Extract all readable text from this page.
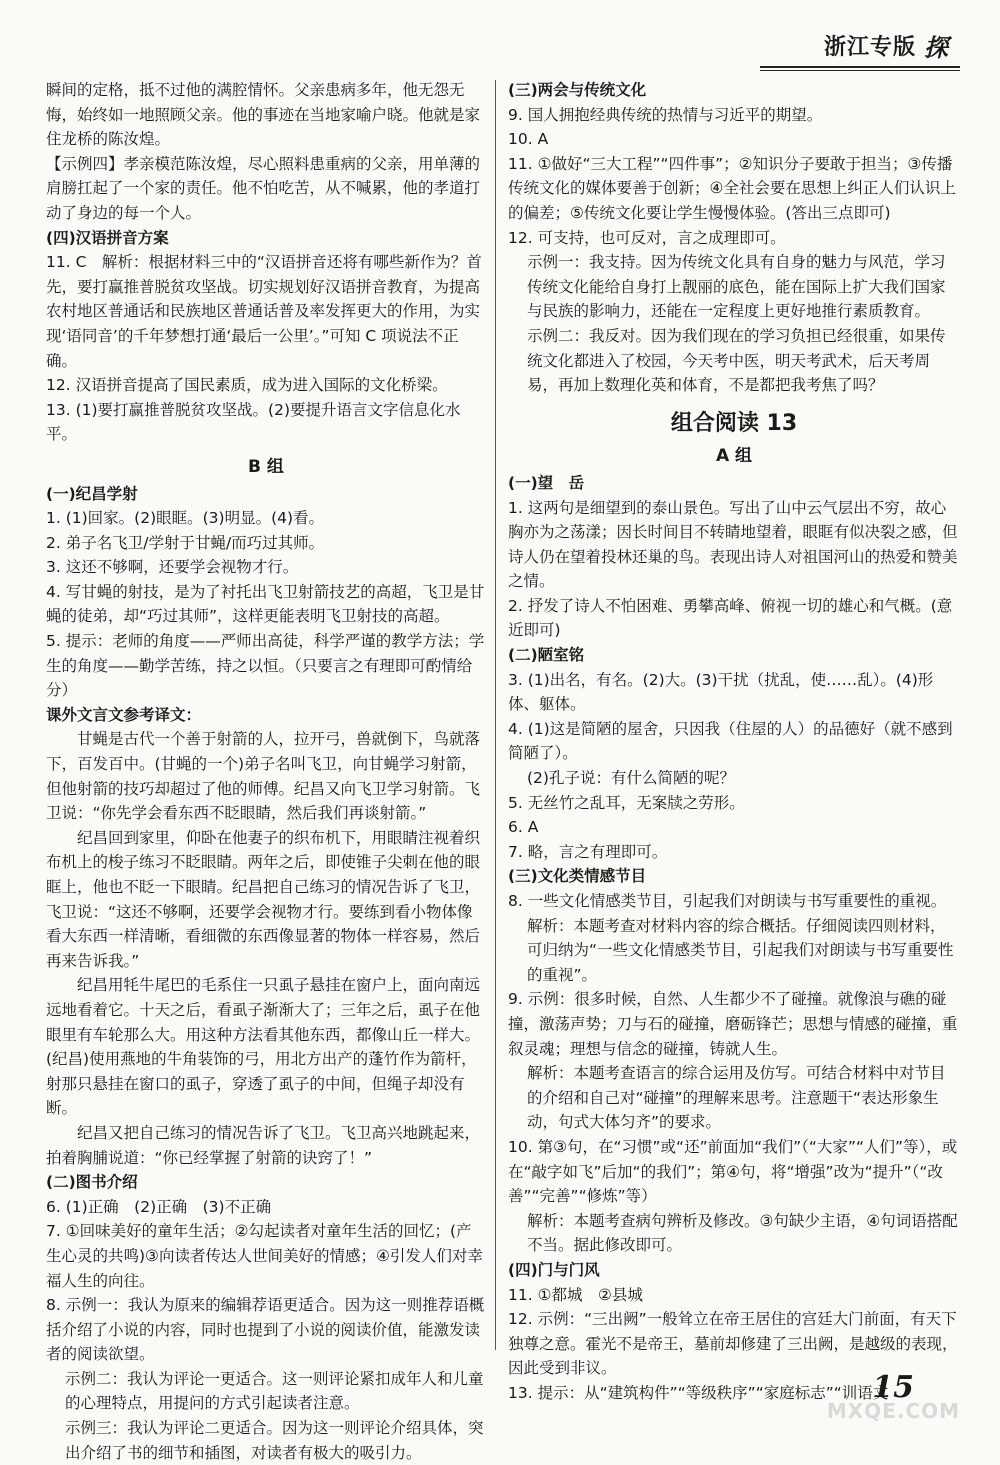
浙江专版 探
瞬间的定格，抵不过他的满腔情怀。父亲患病多年，他无怨无悔，始终如一地照顾父亲。他的事迹在当地家喻户晓。他就是家住龙桥的陈汝煌。
【示例四】孝亲模范陈汝煌，尽心照料患重病的父亲，用单薄的肩膀扛起了一个家的责任。他不怕吃苦，从不喊累，他的孝道打动了身边的每一个人。
(四)汉语拼音方案
11. C　解析：根据材料三中的“汉语拼音还将有哪些新作为？首先，要打赢推普脱贫攻坚战。切实规划好汉语拼音教育，为提高农村地区普通话和民族地区普通话普及率发挥更大的作用，为实现‘语同音’的千年梦想打通‘最后一公里’。”可知 C 项说法不正确。
12. 汉语拼音提高了国民素质，成为进入国际的文化桥梁。
13. (1)要打赢推普脱贫攻坚战。(2)要提升语言文字信息化水平。
B 组
(一)纪昌学射
1. (1)回家。(2)眼眶。(3)明显。(4)看。
2. 弟子名飞卫/学射于甘蝇/而巧过其师。
3. 这还不够啊，还要学会视物才行。
4. 写甘蝇的射技，是为了衬托出飞卫射箭技艺的高超，飞卫是甘蝇的徒弟，却“巧过其师”，这样更能表明飞卫射技的高超。
5. 提示：老师的角度——严师出高徒，科学严谨的教学方法；学生的角度——勤学苦练，持之以恒。（只要言之有理即可酌情给分）
课外文言文参考译文：
甘蝇是古代一个善于射箭的人，拉开弓，兽就倒下，鸟就落下，百发百中。(甘蝇的一个)弟子名叫飞卫，向甘蝇学习射箭，但他射箭的技巧却超过了他的师傅。纪昌又向飞卫学习射箭。飞卫说：“你先学会看东西不眨眼睛，然后我们再谈射箭。”
纪昌回到家里，仰卧在他妻子的织布机下，用眼睛注视着织布机上的梭子练习不眨眼睛。两年之后，即使锥子尖刺在他的眼眶上，他也不眨一下眼睛。纪昌把自己练习的情况告诉了飞卫，飞卫说：“这还不够啊，还要学会视物才行。要练到看小物体像看大东西一样清晰，看细微的东西像显著的物体一样容易，然后再来告诉我。”
纪昌用牦牛尾巴的毛系住一只虱子悬挂在窗户上，面向南远远地看着它。十天之后，看虱子渐渐大了；三年之后，虱子在他眼里有车轮那么大。用这种方法看其他东西，都像山丘一样大。(纪昌)使用燕地的牛角装饰的弓，用北方出产的蓬竹作为箭杆，射那只悬挂在窗口的虱子，穿透了虱子的中间，但绳子却没有断。
纪昌又把自己练习的情况告诉了飞卫。飞卫高兴地跳起来，拍着胸脯说道：“你已经掌握了射箭的诀窍了！”
(二)图书介绍
6. (1)正确　(2)正确　(3)不正确
7. ①回味美好的童年生活；②勾起读者对童年生活的回忆；(产生心灵的共鸣)③向读者传达人世间美好的情感；④引发人们对幸福人生的向往。
8. 示例一：我认为原来的编辑荐语更适合。因为这一则推荐语概括介绍了小说的内容，同时也提到了小说的阅读价值，能激发读者的阅读欲望。
示例二：我认为评论一更适合。这一则评论紧扣成年人和儿童的心理特点，用提问的方式引起读者注意。
示例三：我认为评论二更适合。因为这一则评论介绍具体，突出介绍了书的细节和插图，对读者有极大的吸引力。
(三)两会与传统文化
9. 国人拥抱经典传统的热情与习近平的期望。
10. A
11. ①做好“三大工程”“四件事”；②知识分子要敢于担当；③传播传统文化的媒体要善于创新；④全社会要在思想上纠正人们认识上的偏差；⑤传统文化要让学生慢慢体验。(答出三点即可)
12. 可支持，也可反对，言之成理即可。
示例一：我支持。因为传统文化具有自身的魅力与风范，学习传统文化能给自身打上靓丽的底色，能在国际上扩大我们国家与民族的影响力，还能在一定程度上更好地推行素质教育。
示例二：我反对。因为我们现在的学习负担已经很重，如果传统文化都进入了校园，今天考中医，明天考武术，后天考周易，再加上数理化英和体育，不是都把我考焦了吗？
组合阅读 13
A 组
(一)望　岳
1. 这两句是细望到的泰山景色。写出了山中云气层出不穷，故心胸亦为之荡漾；因长时间目不转睛地望着，眼眶有似决裂之感，但诗人仍在望着投林还巢的鸟。表现出诗人对祖国河山的热爱和赞美之情。
2. 抒发了诗人不怕困难、勇攀高峰、俯视一切的雄心和气概。(意近即可)
(二)陋室铭
3. (1)出名，有名。(2)大。(3)干扰（扰乱，使……乱）。(4)形体、躯体。
4. (1)这是简陋的屋舍，只因我（住屋的人）的品德好（就不感到简陋了）。
(2)孔子说：有什么简陋的呢？
5. 无丝竹之乱耳，无案牍之劳形。
6. A
7. 略，言之有理即可。
(三)文化类情感节目
8. 一些文化情感类节目，引起我们对朗读与书写重要性的重视。
解析：本题考查对材料内容的综合概括。仔细阅读四则材料，可归纳为“一些文化情感类节目，引起我们对朗读与书写重要性的重视”。
9. 示例：很多时候，自然、人生都少不了碰撞。就像浪与礁的碰撞，激荡声势；刀与石的碰撞，磨砺锋芒；思想与情感的碰撞，重叙灵魂；理想与信念的碰撞，铸就人生。
解析：本题考查语言的综合运用及仿写。可结合材料中对节目的介绍和自己对“碰撞”的理解来思考。注意题干“表达形象生动，句式大体匀齐”的要求。
10. 第③句，在“习惯”或“还”前面加“我们”（“大家”“人们”等），或在“敲字如飞”后加“的我们”；第④句，将“增强”改为“提升”（“改善”“完善”“修炼”等）
解析：本题考查病句辨析及修改。③句缺少主语，④句词语搭配不当。据此修改即可。
(四)门与门风
11. ①都城　②县城
12. 示例：“三出阙”一般耸立在帝王居住的宫廷大门前面，有天下独尊之意。霍光不是帝王，墓前却修建了三出阙，是越级的表现，因此受到非议。
13. 提示：从“建筑构件”“等级秩序”“家庭标志”“训语文
15
MXQE.COM
